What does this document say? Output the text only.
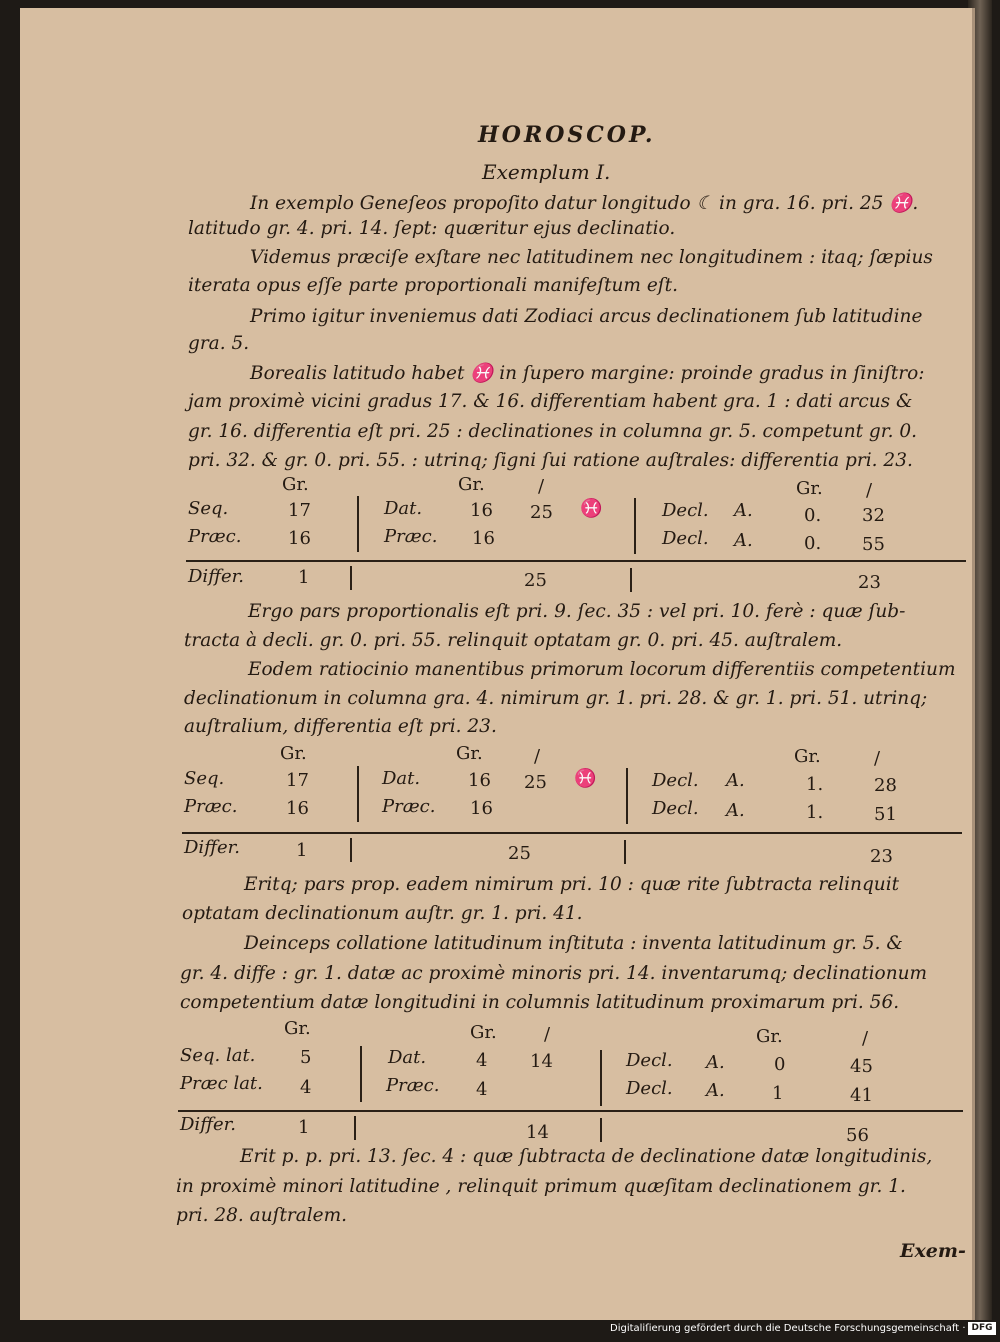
HOROSCOP.
Exemplum I.
In exemplo Geneſeos propoſito datur longitudo ☾ in gra. 16. pri. 25 ♓.
latitudo gr. 4. pri. 14. ſept: quæritur ejus declinatio.
Videmus præciſe exſtare nec latitudinem nec longitudinem : itaq; ſæpius
iterata opus eſſe parte proportionali manifeſtum eſt.
Primo igitur inveniemus dati Zodiaci arcus declinationem ſub latitudine
gra. 5.
Borealis latitudo habet ♓ in ſupero margine: proinde gradus in ſiniſtro:
jam proximè vicini gradus 17. & 16. differentiam habent gra. 1 : dati arcus &
gr. 16. differentia eſt pri. 25 : declinationes in columna gr. 5. competunt gr. 0.
pri. 32. & gr. 0. pri. 55. : utrinq; ſigni ſui ratione auſtrales: differentia pri. 23.
Gr.	Gr.	/	Gr. /
Seq.	17	Dat.	16 25 ♓	Decl. A.	0. 32
Præc.	16	Præc. 16	Decl. A.	0. 55
Differ.	1	25	23
Ergo pars proportionalis eſt pri. 9. ſec. 35 : vel pri. 10. ferè : quæ ſub-
tracta à decli. gr. 0. pri. 55. relinquit optatam gr. 0. pri. 45. auſtralem.
Eodem ratiocinio manentibus primorum locorum differentiis competentium
declinationum in columna gra. 4. nimirum gr. 1. pri. 28. & gr. 1. pri. 51. utrinq;
auſtralium, differentia eſt pri. 23.
Gr.	Gr.	/	Gr.	/
Seq.	17	Dat.	16 25 ♓	Decl. A.	1.	28
Præc.	16	Præc. 16	Decl. A.	1.	51
Differ.	1	25	23
Eritq; pars prop. eadem nimirum pri. 10 : quæ rite ſubtracta relinquit
optatam declinationum auſtr. gr. 1. pri. 41.
Deinceps collatione latitudinum inſtituta : inventa latitudinum gr. 5. &
gr. 4. diffe : gr. 1. datæ ac proximè minoris pri. 14. inventarumq; declinationum
competentium datæ longitudini in columnis latitudinum proximarum pri. 56.
Gr.	Gr.	/	Gr.	/
Seq. lat. 5	Dat.	4 14	Decl. A.	0	45
Præc lat. 4	Præc. 4	Decl. A.	1	41
Differ.	1	14	56
Erit p. p. pri. 13. ſec. 4 : quæ ſubtracta de declinatione datæ longitudinis,
in proximè minori latitudine , relinquit primum quæſitam declinationem gr. 1.
pri. 28. auſtralem.
Exem-
Digitaliſierung gefördert durch die Deutsche Forschungsgemeinschaft · DFG
